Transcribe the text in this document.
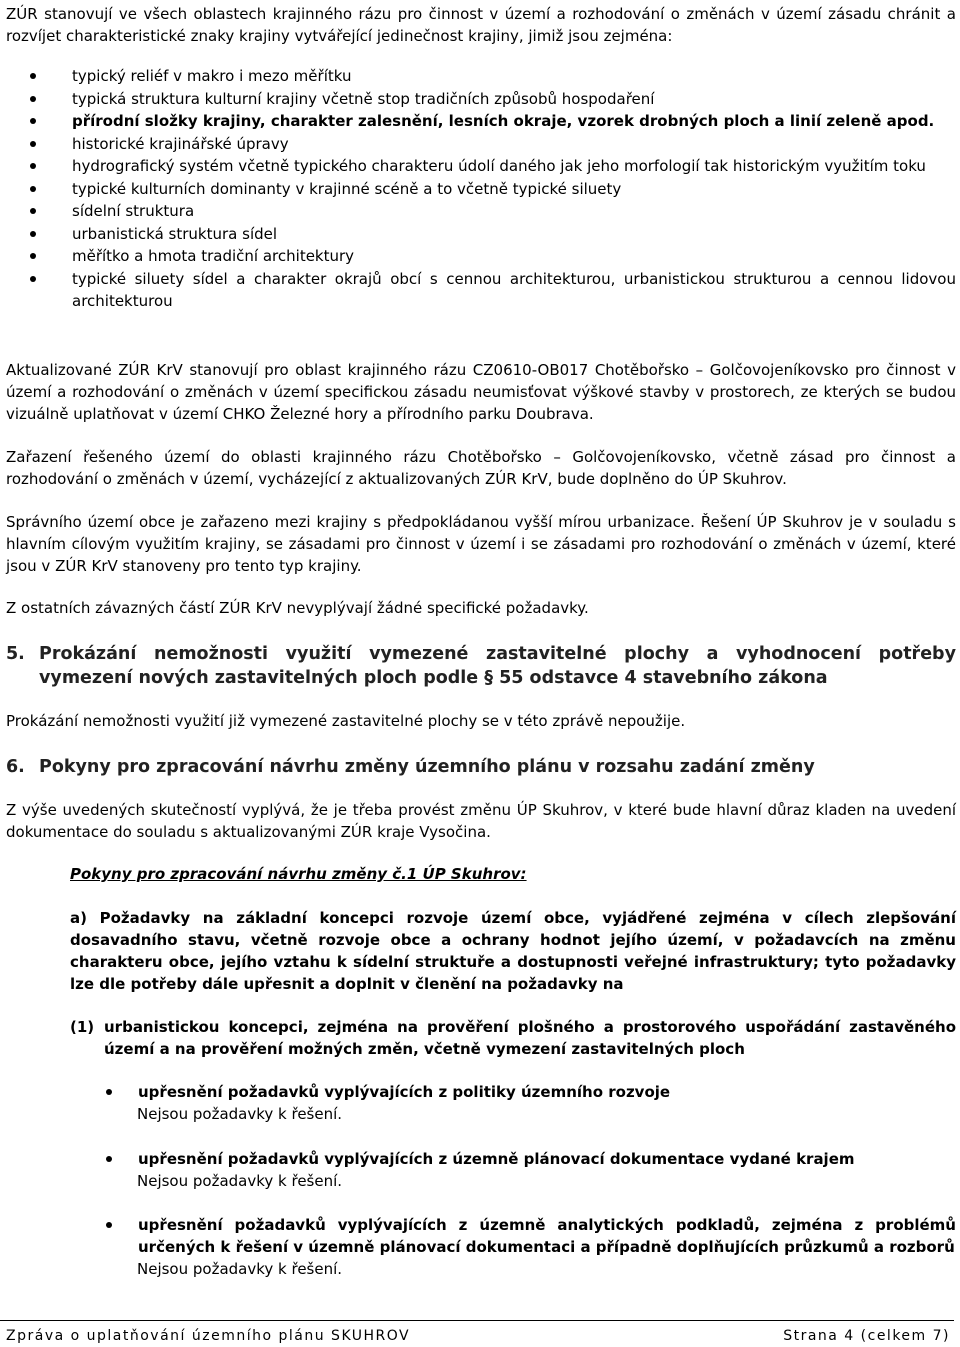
ZÚR stanovují ve všech oblastech krajinného rázu pro činnost v území a rozhodování o změnách v území zásadu chránit a rozvíjet charakteristické znaky krajiny vytvářející jedinečnost krajiny, jimiž jsou zejména:

typický reliéf v makro i mezo měřítku
typická struktura kulturní krajiny včetně stop tradičních způsobů hospodaření
přírodní složky krajiny, charakter zalesnění, lesních okraje, vzorek drobných ploch a linií zeleně apod.
historické krajinářské úpravy
hydrografický systém včetně typického charakteru údolí daného jak jeho morfologií tak historickým využitím toku
typické kulturních dominanty v krajinné scéně a to včetně typické siluety
sídelní struktura
urbanistická struktura sídel
měřítko a hmota tradiční architektury
typické siluety sídel a charakter okrajů obcí s cennou architekturou, urbanistickou strukturou a cennou lidovou architekturou

Aktualizované ZÚR KrV stanovují pro oblast krajinného rázu CZ0610-OB017 Chotěbořsko – Golčovojeníkovsko pro činnost v území a rozhodování o změnách v území specifickou zásadu neumisťovat výškové stavby v prostorech, ze kterých se budou vizuálně uplatňovat v území CHKO Železné hory a přírodního parku Doubrava.

Zařazení řešeného území do oblasti krajinného rázu Chotěbořsko – Golčovojeníkovsko, včetně zásad pro činnost a rozhodování o změnách v území, vycházející z aktualizovaných ZÚR KrV, bude doplněno do ÚP Skuhrov.

Správního území obce je zařazeno mezi krajiny s předpokládanou vyšší mírou urbanizace. Řešení ÚP Skuhrov je v souladu s hlavním cílovým využitím krajiny, se zásadami pro činnost v území i se zásadami pro rozhodování o změnách v území, které jsou v ZÚR KrV stanoveny pro tento typ krajiny.

Z ostatních závazných částí ZÚR KrV nevyplývají žádné specifické požadavky.

5. Prokázání nemožnosti využití vymezené zastavitelné plochy a vyhodnocení potřeby vymezení nových zastavitelných ploch podle § 55 odstavce 4 stavebního zákona

Prokázání nemožnosti využití již vymezené zastavitelné plochy se v této zprávě nepoužije.

6. Pokyny pro zpracování návrhu změny územního plánu v rozsahu zadání změny

Z výše uvedených skutečností vyplývá, že je třeba provést změnu ÚP Skuhrov, v které bude hlavní důraz kladen na uvedení dokumentace do souladu s aktualizovanými ZÚR kraje Vysočina.

Pokyny pro zpracování návrhu změny č.1 ÚP Skuhrov:

a) Požadavky na základní koncepci rozvoje území obce, vyjádřené zejména v cílech zlepšování dosavadního stavu, včetně rozvoje obce a ochrany hodnot jejího území, v požadavcích na změnu charakteru obce, jejího vztahu k sídelní struktuře a dostupnosti veřejné infrastruktury; tyto požadavky lze dle potřeby dále upřesnit a doplnit v členění na požadavky na

(1) urbanistickou koncepci, zejména na prověření plošného a prostorového uspořádání zastavěného území a na prověření možných změn, včetně vymezení zastavitelných ploch
upřesnění požadavků vyplývajících z politiky územního rozvoje
Nejsou požadavky k řešení.
upřesnění požadavků vyplývajících z územně plánovací dokumentace vydané krajem
Nejsou požadavky k řešení.
upřesnění požadavků vyplývajících z územně analytických podkladů, zejména z problémů určených k řešení v územně plánovací dokumentaci a případně doplňujících průzkumů a rozborů
Nejsou požadavky k řešení.
Zpráva o uplatňování územního plánu SKUHROV	Strana 4 (celkem 7)
